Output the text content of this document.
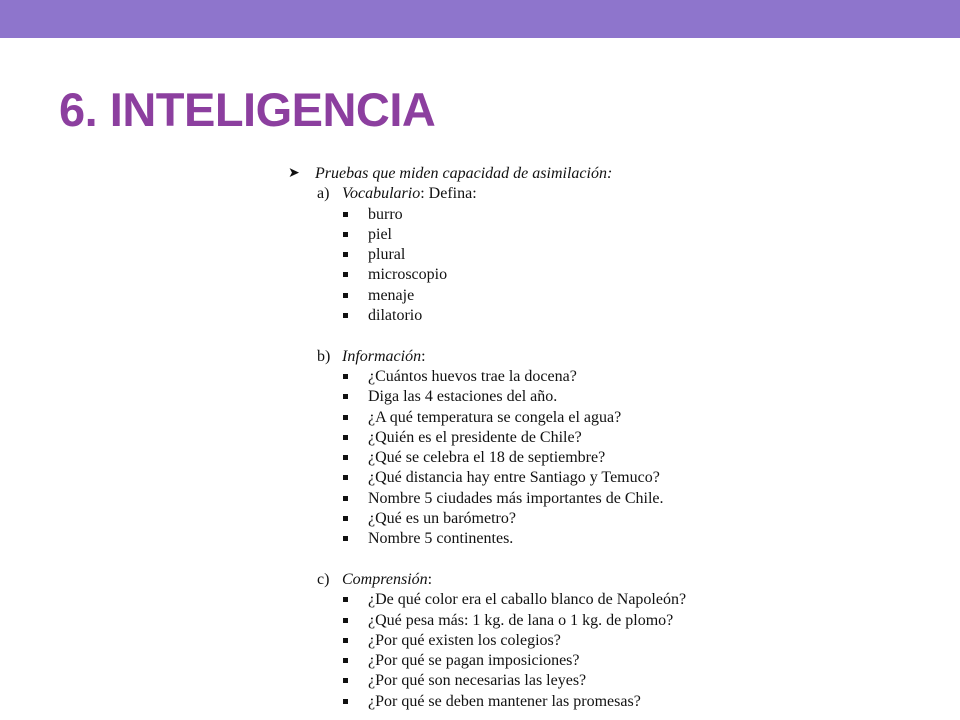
6. INTELIGENCIA
➤ Pruebas que miden capacidad de asimilación:
a) Vocabulario: Defina:
burro
piel
plural
microscopio
menaje
dilatorio
b) Información:
¿Cuántos huevos trae la docena?
Diga las 4 estaciones del año.
¿A qué temperatura se congela el agua?
¿Quién es el presidente de Chile?
¿Qué se celebra el 18 de septiembre?
¿Qué distancia hay entre Santiago y Temuco?
Nombre 5 ciudades más importantes de Chile.
¿Qué es un barómetro?
Nombre 5 continentes.
c) Comprensión:
¿De qué color era el caballo blanco de Napoleón?
¿Qué pesa más: 1 kg. de lana o 1 kg. de plomo?
¿Por qué existen los colegios?
¿Por qué se pagan imposiciones?
¿Por qué son necesarias las leyes?
¿Por qué se deben mantener las promesas?
